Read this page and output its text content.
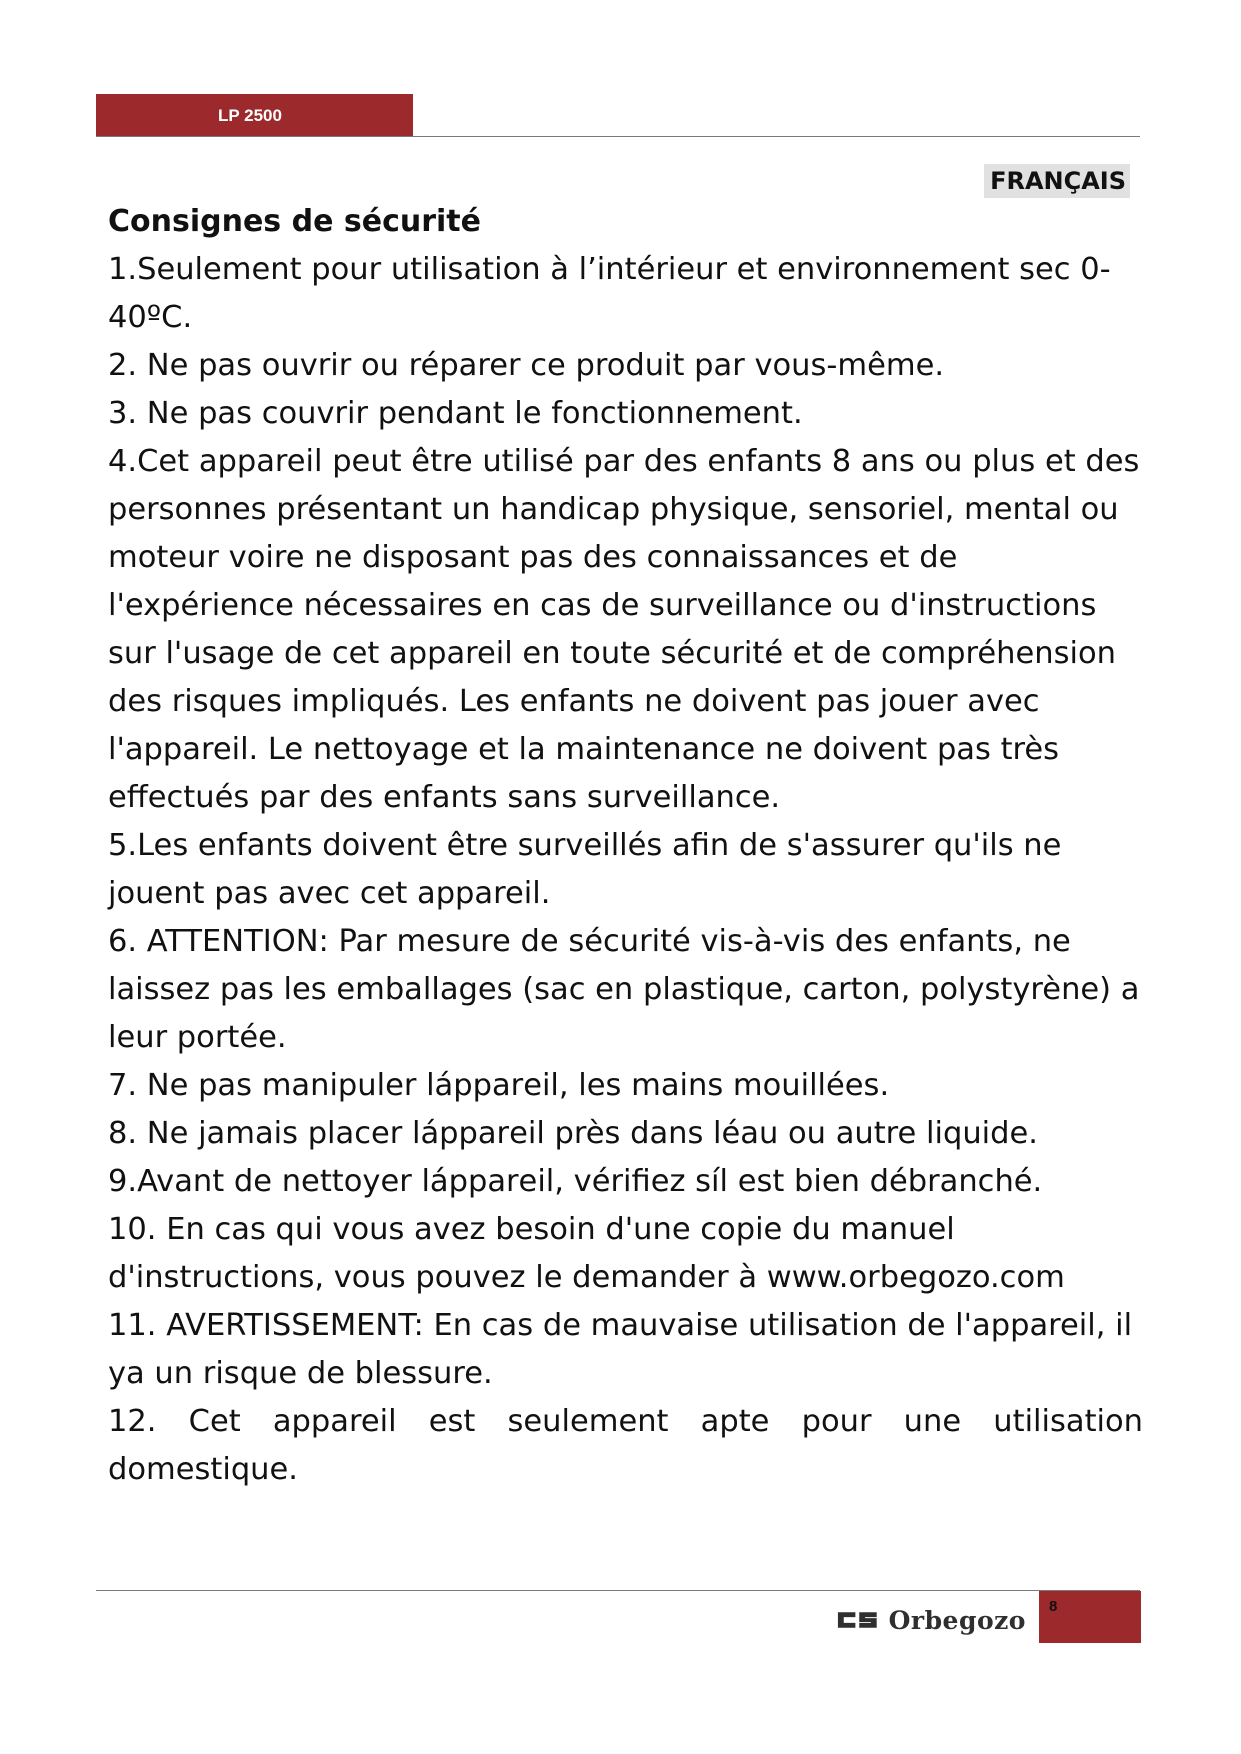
LP 2500
FRANÇAIS
Consignes de sécurité
1.Seulement pour utilisation à l’intérieur et environnement sec 0-40ºC.
2. Ne pas ouvrir ou réparer ce produit par vous-même.
3. Ne pas couvrir pendant le fonctionnement.
4.Cet appareil peut être utilisé par des enfants 8 ans ou plus et des personnes présentant un handicap physique, sensoriel, mental ou moteur voire ne disposant pas des connaissances et de l'expérience nécessaires en cas de surveillance ou d'instructions sur l'usage de cet appareil en toute sécurité et de compréhension des risques impliqués. Les enfants ne doivent pas jouer avec l'appareil. Le nettoyage et la maintenance ne doivent pas très effectués par des enfants sans surveillance.
5.Les enfants doivent être surveillés afin de s'assurer qu'ils ne jouent pas avec cet appareil.
6. ATTENTION: Par mesure de sécurité vis-à-vis des enfants, ne laissez pas les emballages (sac en plastique, carton, polystyrène) a leur portée.
7. Ne pas manipuler lápparеil, les mains mouillées.
8. Ne jamais placer lápparеil près dans léau ou autre liquide.
9.Avant de nettoyer lápparеil, vérifiez síl est bien débranché.
10. En cas qui vous avez besoin d'une copie du manuel d'instructions, vous pouvez le demander à www.orbegozo.com
11. AVERTISSEMENT: En cas de mauvaise utilisation de l'appareil, il ya un risque de blessure.
12. Cet appareil est seulement apte pour une utilisation
domestique.
Orbegozo 8
